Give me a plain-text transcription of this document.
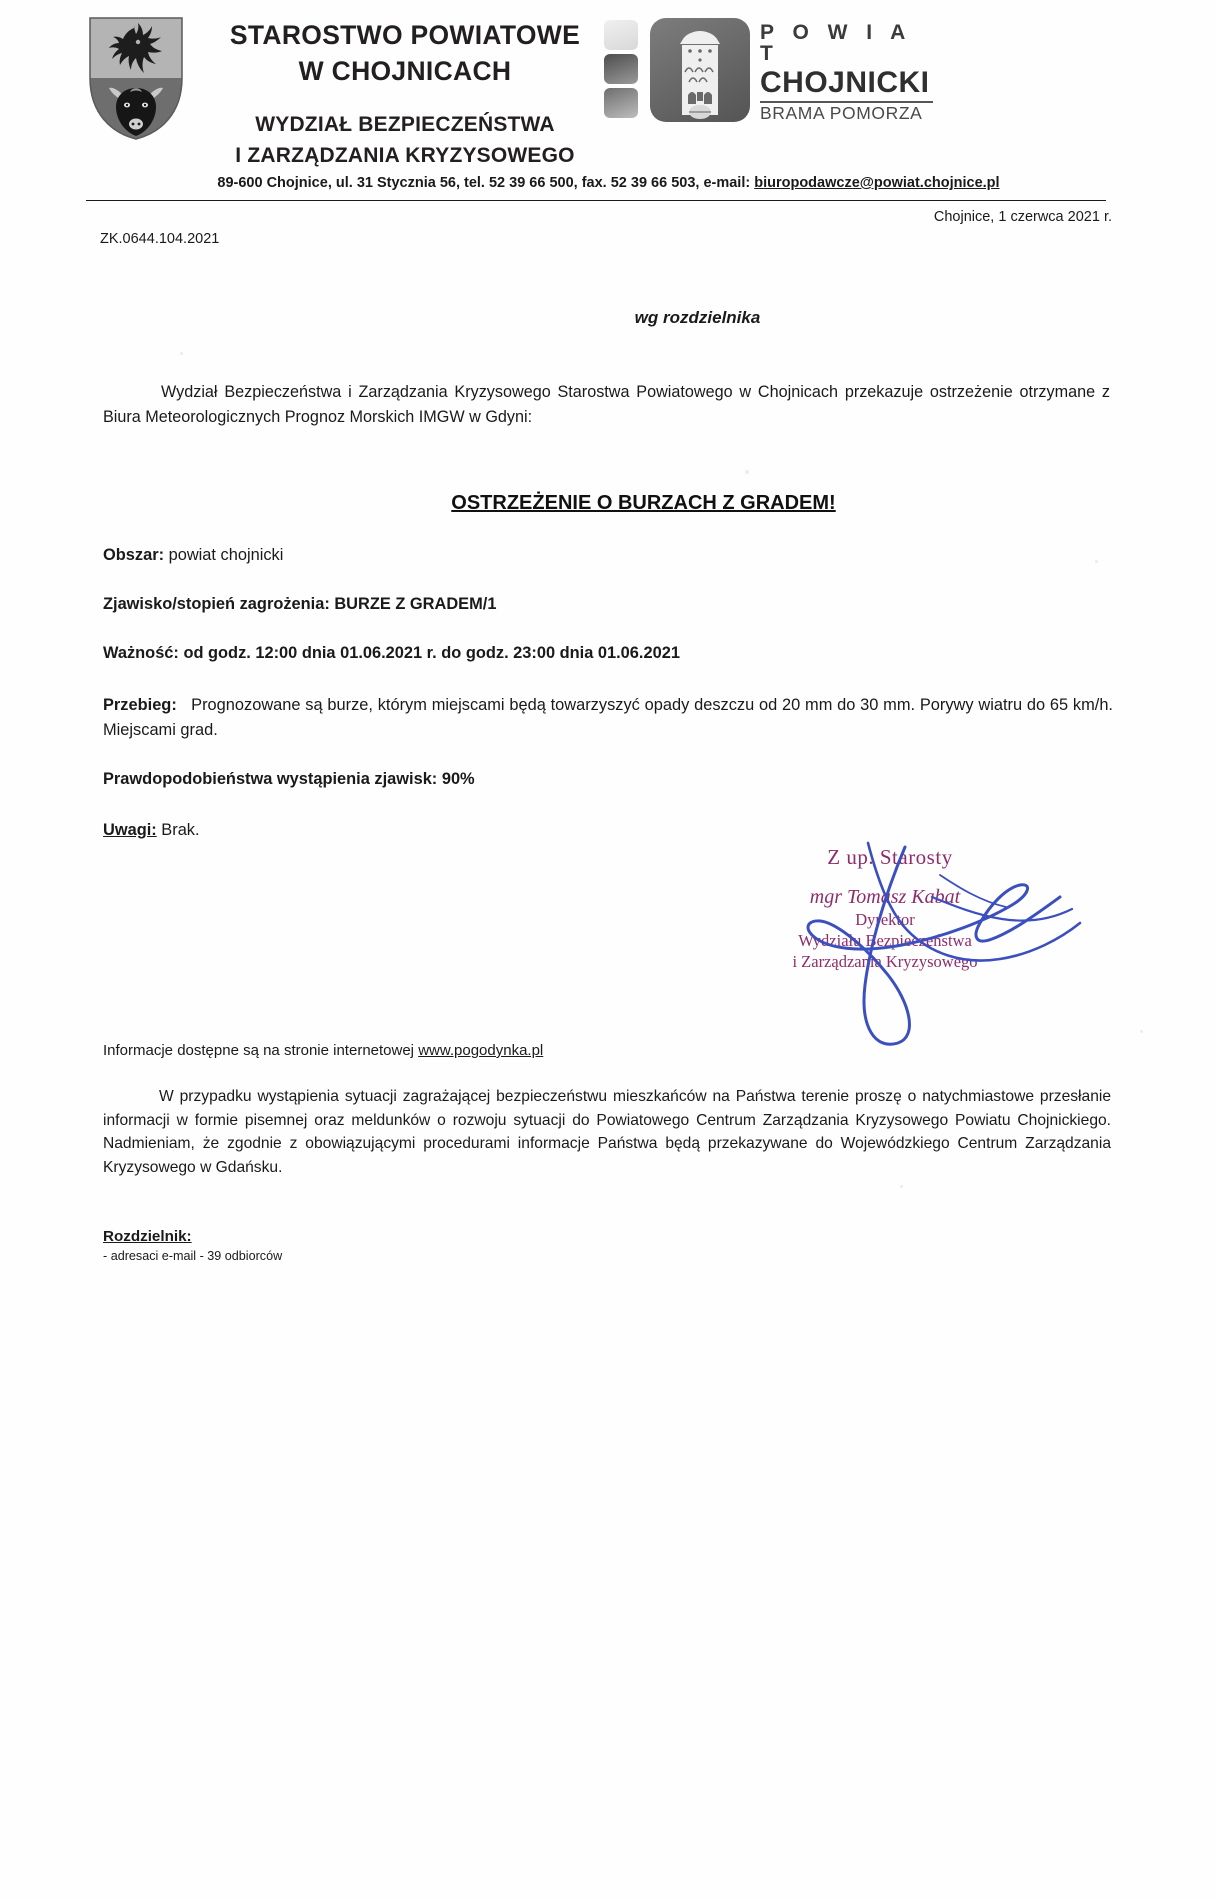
STAROSTWO POWIATOWE
W CHOJNICACH
WYDZIAŁ BEZPIECZEŃSTWA
I ZARZĄDZANIA KRYZYSOWEGO
P O W I A T
CHOJNICKI
BRAMA POMORZA
89-600 Chojnice, ul. 31 Stycznia 56, tel. 52 39 66 500, fax. 52 39 66 503, e-mail: biuropodawcze@powiat.chojnice.pl
Chojnice, 1 czerwca 2021 r.
ZK.0644.104.2021
wg rozdzielnika
Wydział Bezpieczeństwa i Zarządzania Kryzysowego Starostwa Powiatowego w Chojnicach przekazuje ostrzeżenie otrzymane z Biura Meteorologicznych Prognoz Morskich IMGW w Gdyni:
OSTRZEŻENIE O BURZACH Z GRADEM!
Obszar: powiat chojnicki
Zjawisko/stopień zagrożenia: BURZE Z GRADEM/1
Ważność: od godz. 12:00 dnia 01.06.2021 r. do godz. 23:00 dnia 01.06.2021
Przebieg: Prognozowane są burze, którym miejscami będą towarzyszyć opady deszczu od 20 mm do 30 mm. Porywy wiatru do 65 km/h. Miejscami grad.
Prawdopodobieństwa wystąpienia zjawisk: 90%
Uwagi: Brak.
Z up. Starosty
mgr Tomasz Kabat
Dyrektor
Wydziału Bezpieczeństwa
i Zarządzania Kryzysowego
Informacje dostępne są na stronie internetowej www.pogodynka.pl
W przypadku wystąpienia sytuacji zagrażającej bezpieczeństwu mieszkańców na Państwa terenie proszę o natychmiastowe przesłanie informacji w formie pisemnej oraz meldunków o rozwoju sytuacji do Powiatowego Centrum Zarządzania Kryzysowego Powiatu Chojnickiego. Nadmieniam, że zgodnie z obowiązującymi procedurami informacje Państwa będą przekazywane do Wojewódzkiego Centrum Zarządzania Kryzysowego w Gdańsku.
Rozdzielnik:
- adresaci e-mail - 39 odbiorców
